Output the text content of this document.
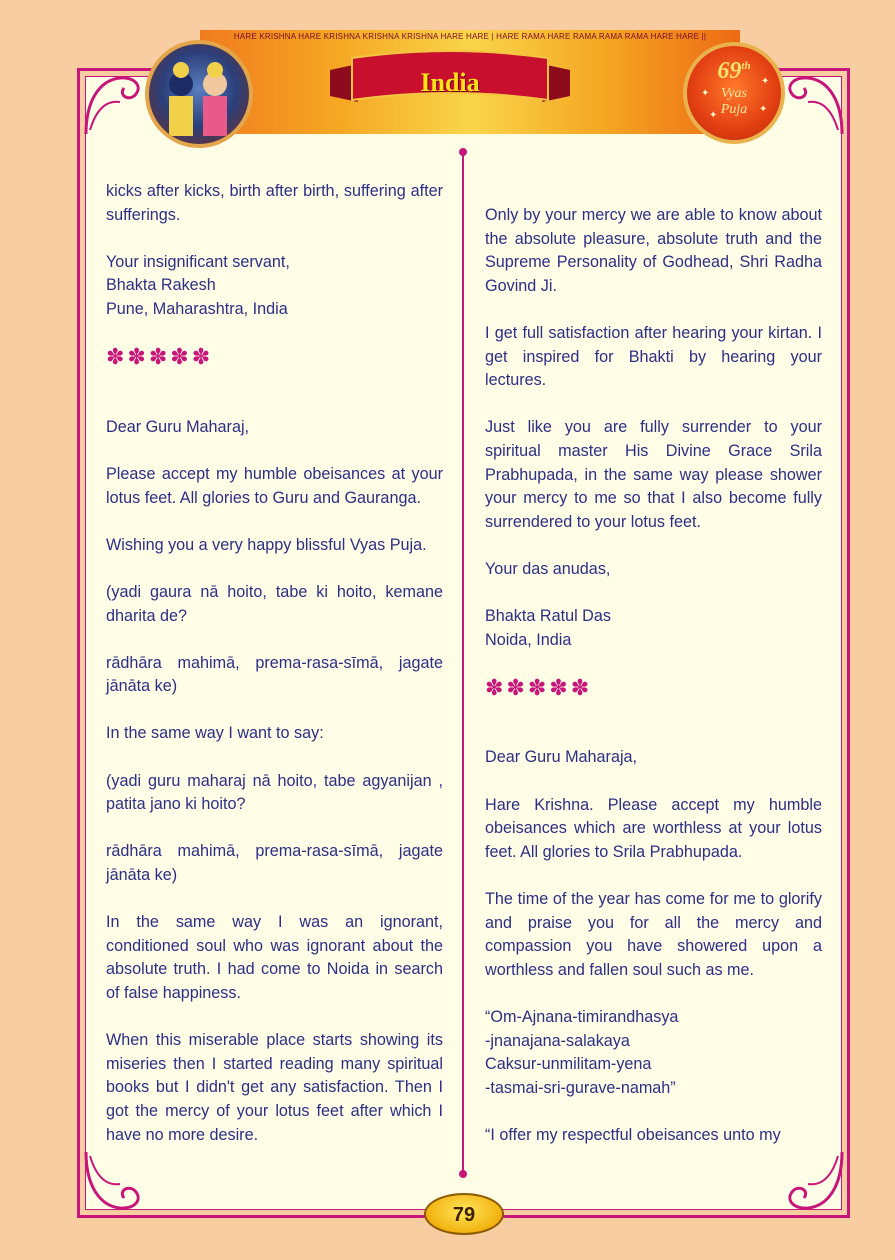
HARE KRISHNA HARE KRISHNA KRISHNA KRISHNA HARE HARE | HARE RAMA HARE RAMA RAMA RAMA HARE HARE ||
India	69th
Vyas
Puja
✦
✦
✦
✦

kicks after kicks, birth after birth, suffering after sufferings.

Your insignificant servant,

Bhakta Rakesh

Pune, Maharashtra, India

✽✽✽✽✽

Dear Guru Maharaj,

Please accept my humble obeisances at your lotus feet. All glories to Guru and Gauranga.

Wishing you a very happy blissful Vyas Puja.

(yadi gaura nā hoito, tabe ki hoito, kemane dharita de?

rādhāra mahimā, prema-rasa-sīmā, jagate jānāta ke)

In the same way I want to say:

(yadi guru maharaj nā hoito, tabe agyanijan , patita jano ki hoito?

rādhāra mahimā, prema-rasa-sīmā, jagate jānāta ke)

In the same way I was an ignorant, conditioned soul who was ignorant about the absolute truth. I had come to Noida in search of false happiness.

When this miserable place starts showing its miseries then I started reading many spiritual books but I didn't get any satisfaction. Then I got the mercy of your lotus feet after which I have no more desire.

Only by your mercy we are able to know about the absolute pleasure, absolute truth and the Supreme Personality of Godhead, Shri Radha Govind Ji.

I get full satisfaction after hearing your kirtan. I get inspired for Bhakti by hearing your lectures.

Just like you are fully surrender to your spiritual master His Divine Grace Srila Prabhupada, in the same way please shower your mercy to me so that I also become fully surrendered to your lotus feet.

Your das anudas,

Bhakta Ratul Das

Noida, India

✽✽✽✽✽

Dear Guru Maharaja,

Hare Krishna. Please accept my humble obeisances which are worthless at your lotus feet. All glories to Srila Prabhupada.

The time of the year has come for me to glorify and praise you for all the mercy and compassion you have showered upon a worthless and fallen soul such as me.

“Om-Ajnana-timirandhasya

-jnanajana-salakaya

Caksur-unmilitam-yena

-tasmai-sri-gurave-namah”

“I offer my respectful obeisances unto my

79
